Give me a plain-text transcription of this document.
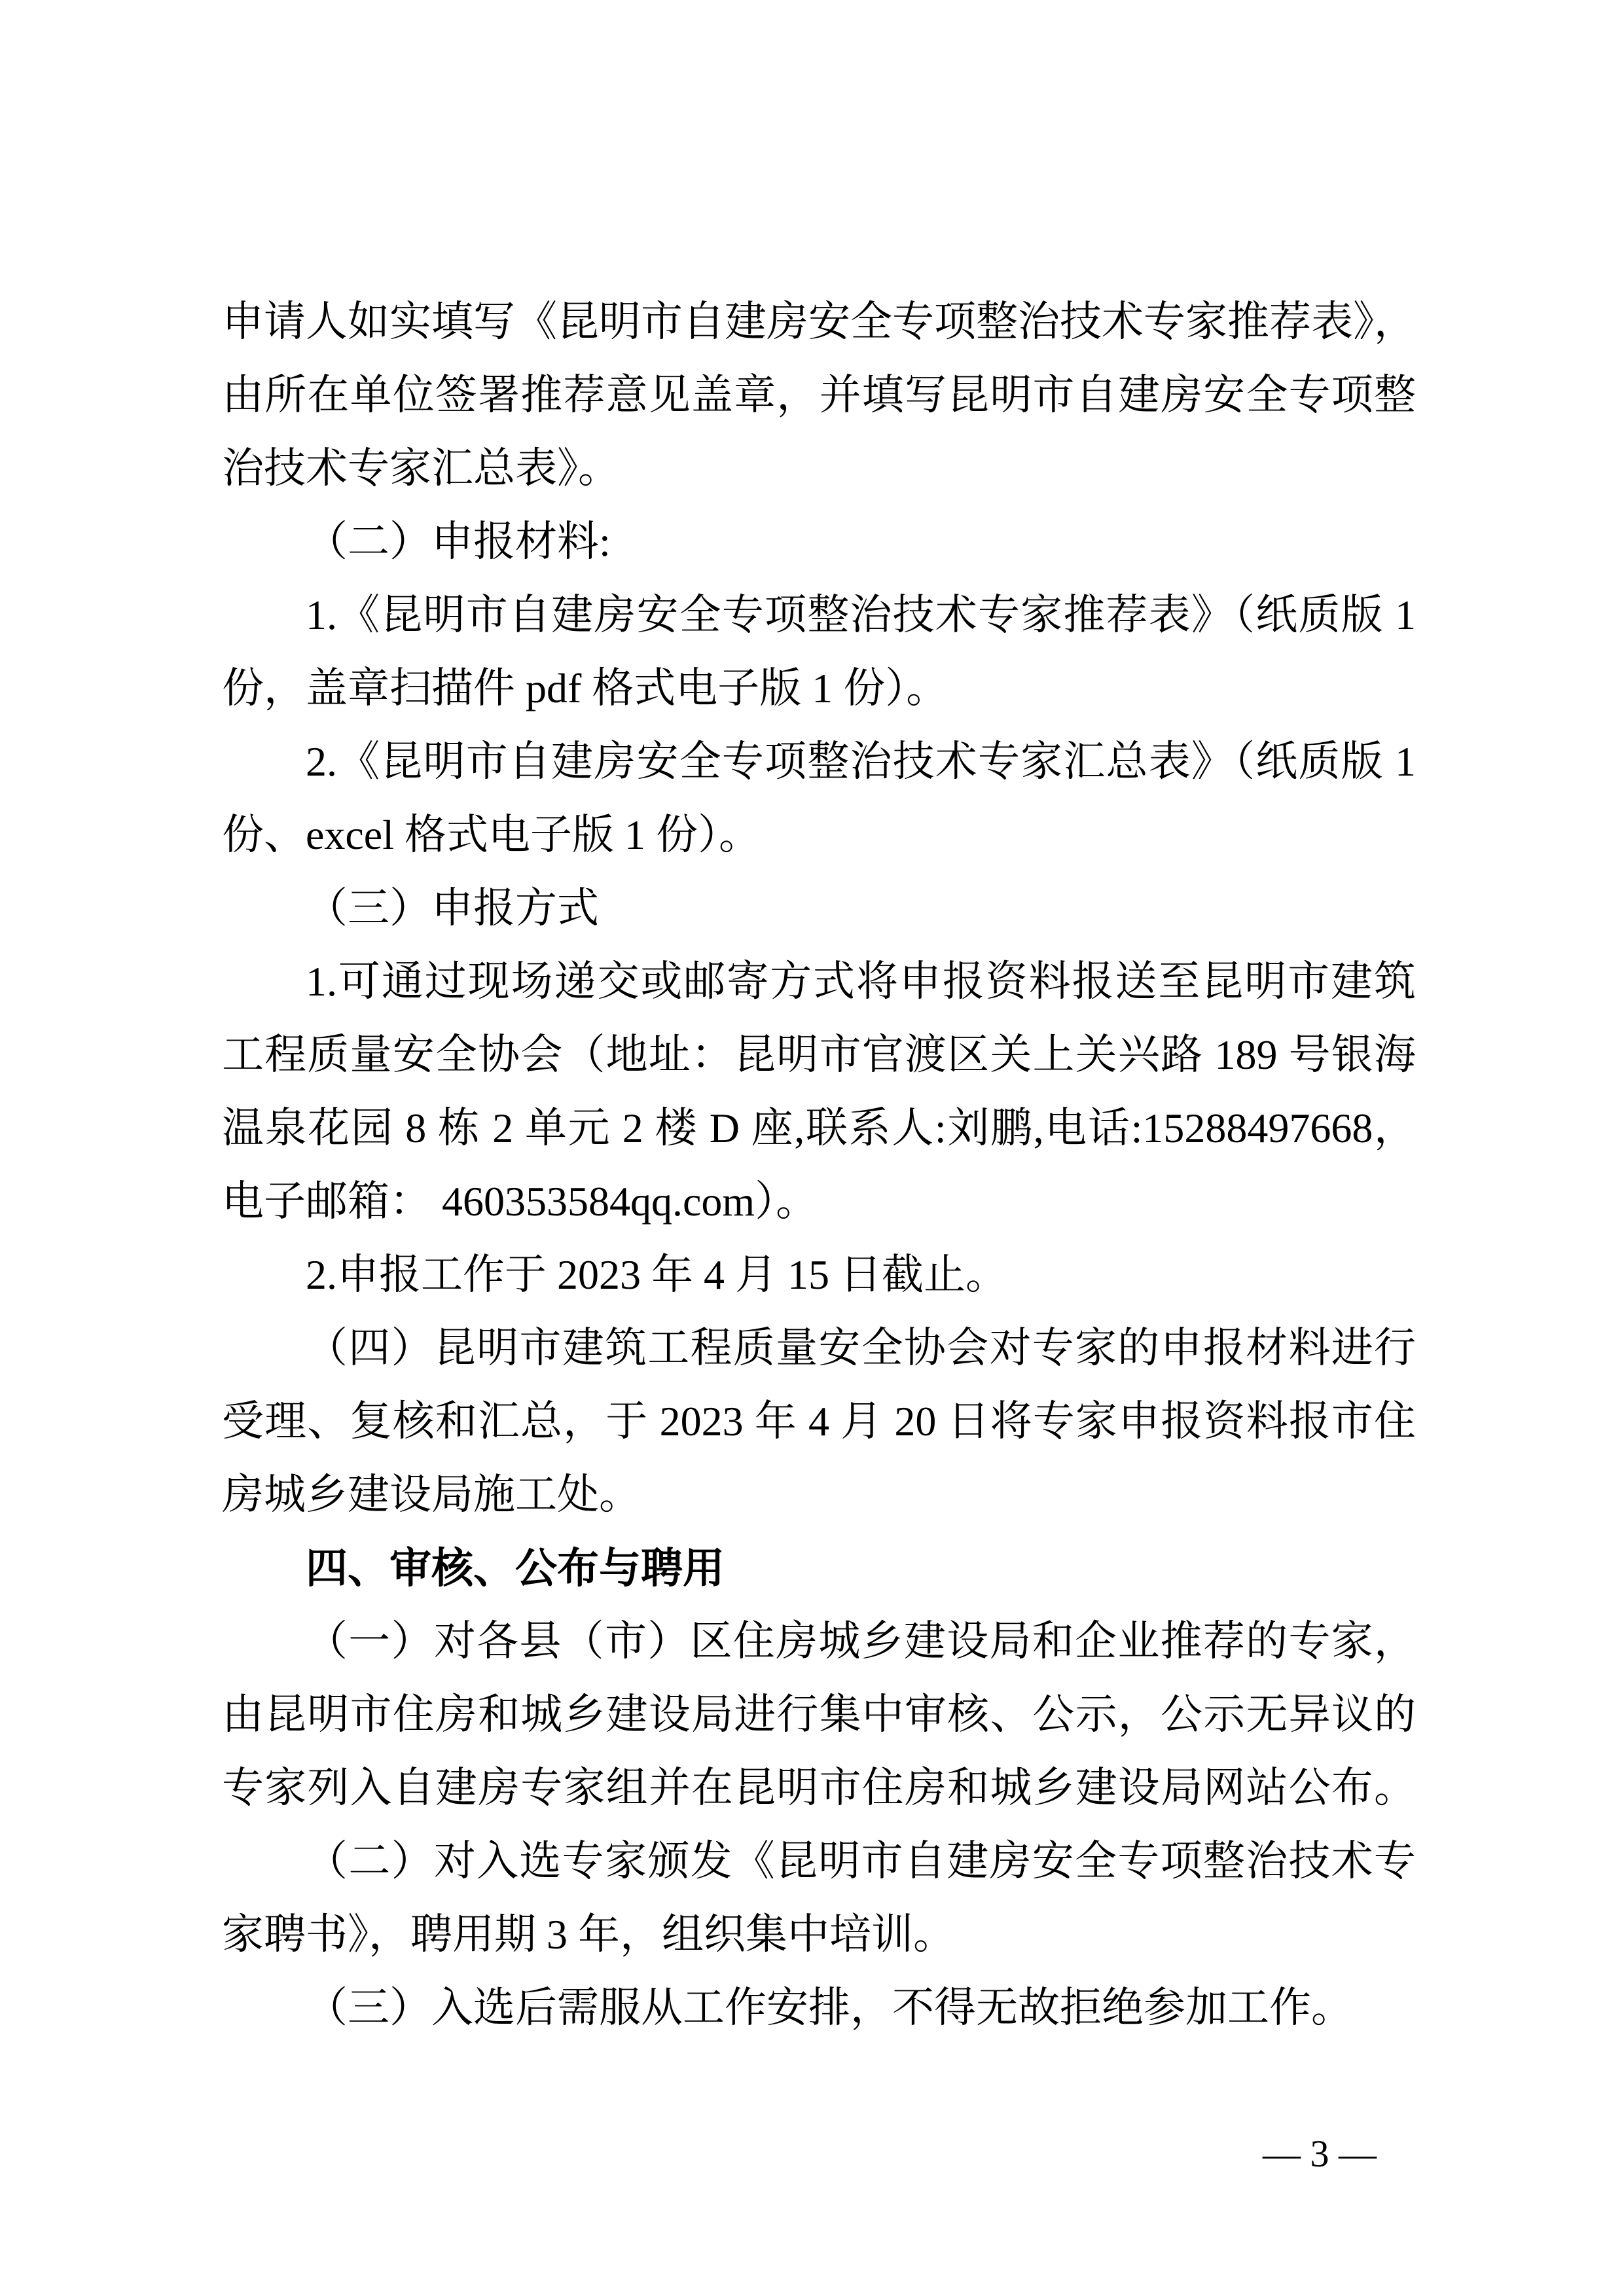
申请人如实填写《昆明市自建房安全专项整治技术专家推荐表》，
由所在单位签署推荐意见盖章，并填写昆明市自建房安全专项整
治技术专家汇总表》。
（二）申报材料:
1.《昆明市自建房安全专项整治技术专家推荐表》（纸质版 1
份，盖章扫描件 pdf 格式电子版 1 份）。
2.《昆明市自建房安全专项整治技术专家汇总表》（纸质版 1
份、excel 格式电子版 1 份）。
（三）申报方式
1.可通过现场递交或邮寄方式将申报资料报送至昆明市建筑
工程质量安全协会（地址：昆明市官渡区关上关兴路 189 号银海
温泉花园 8 栋 2 单元 2 楼 D 座,联系人:刘鹏,电话:15288497668，
电子邮箱： 460353584qq.com）。
2.申报工作于 2023 年 4 月 15 日截止。
（四）昆明市建筑工程质量安全协会对专家的申报材料进行
受理、复核和汇总，于 2023 年 4 月 20 日将专家申报资料报市住
房城乡建设局施工处。
四、审核、公布与聘用
（一）对各县（市）区住房城乡建设局和企业推荐的专家，
由昆明市住房和城乡建设局进行集中审核、公示，公示无异议的
专家列入自建房专家组并在昆明市住房和城乡建设局网站公布。
（二）对入选专家颁发《昆明市自建房安全专项整治技术专
家聘书》，聘用期 3 年，组织集中培训。
（三）入选后需服从工作安排，不得无故拒绝参加工作。
— 3 —
